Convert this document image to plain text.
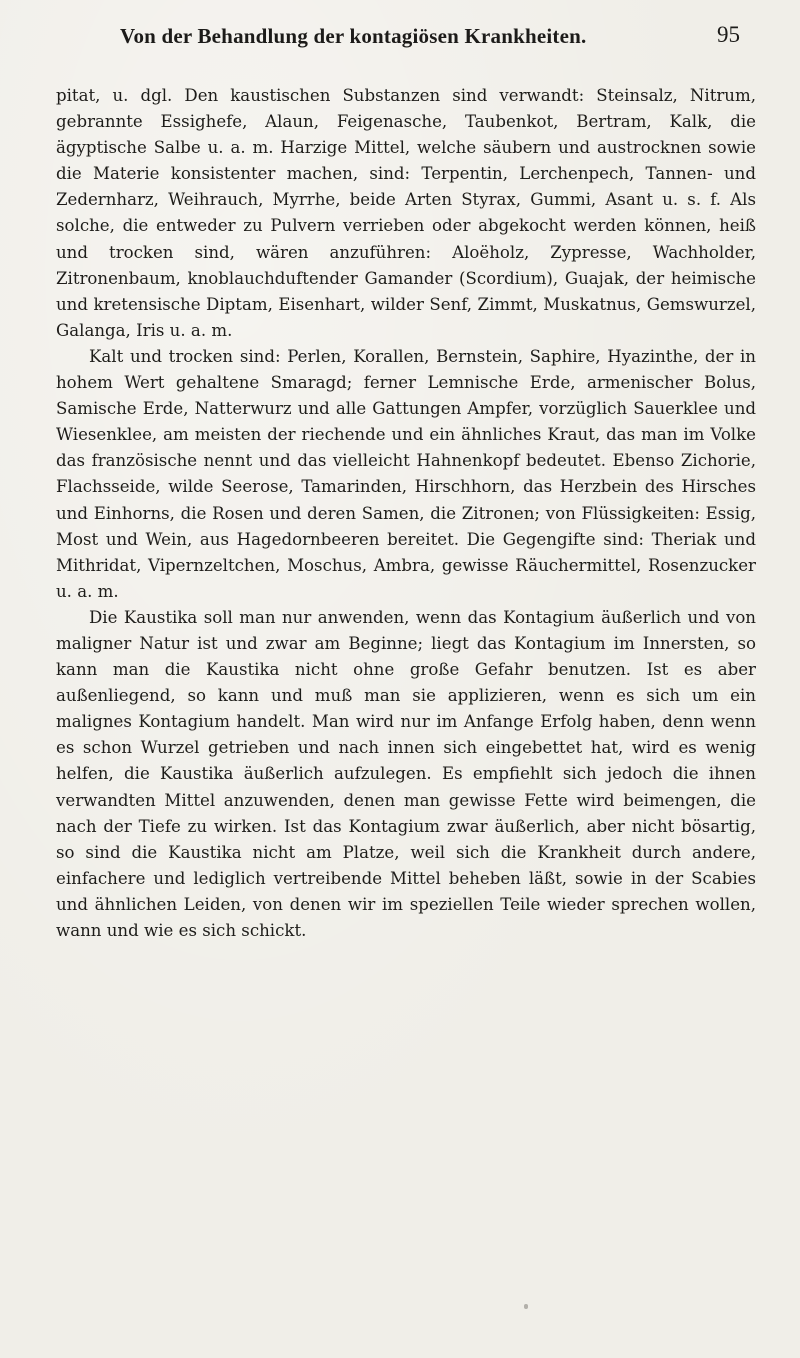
Von der Behandlung der kontagiösen Krankheiten.	95

pitat, u. dgl. Den kaustischen Substanzen sind verwandt: Steinsalz, Nitrum, gebrannte Essighefe, Alaun, Feigenasche, Taubenkot, Bertram, Kalk, die ägyptische Salbe u. a. m. Harzige Mittel, welche säubern und austrocknen sowie die Materie konsistenter machen, sind: Terpentin, Lerchenpech, Tannen- und Zedernharz, Weihrauch, Myrrhe, beide Arten Styrax, Gummi, Asant u. s. f. Als solche, die entweder zu Pulvern verrieben oder abgekocht werden können, heiß und trocken sind, wären anzuführen: Aloëholz, Zypresse, Wachholder, Zitronenbaum, knoblauchduftender Gamander (Scordium), Guajak, der heimische und kretensische Diptam, Eisenhart, wilder Senf, Zimmt, Muskatnus, Gemswurzel, Galanga, Iris u. a. m.

Kalt und trocken sind: Perlen, Korallen, Bernstein, Saphire, Hyazinthe, der in hohem Wert gehaltene Smaragd; ferner Lemnische Erde, armenischer Bolus, Samische Erde, Natterwurz und alle Gattungen Ampfer, vorzüglich Sauerklee und Wiesenklee, am meisten der riechende und ein ähnliches Kraut, das man im Volke das französische nennt und das vielleicht Hahnenkopf bedeutet. Ebenso Zichorie, Flachsseide, wilde Seerose, Tamarinden, Hirschhorn, das Herzbein des Hirsches und Einhorns, die Rosen und deren Samen, die Zitronen; von Flüssigkeiten: Essig, Most und Wein, aus Hagedornbeeren bereitet. Die Gegengifte sind: Theriak und Mithridat, Vipernzeltchen, Moschus, Ambra, gewisse Räuchermittel, Rosenzucker u. a. m.

Die Kaustika soll man nur anwenden, wenn das Kontagium äußerlich und von maligner Natur ist und zwar am Beginne; liegt das Kontagium im Innersten, so kann man die Kaustika nicht ohne große Gefahr benutzen. Ist es aber außenliegend, so kann und muß man sie applizieren, wenn es sich um ein malignes Kontagium handelt. Man wird nur im Anfange Erfolg haben, denn wenn es schon Wurzel getrieben und nach innen sich eingebettet hat, wird es wenig helfen, die Kaustika äußerlich aufzulegen. Es empfiehlt sich jedoch die ihnen verwandten Mittel anzuwenden, denen man gewisse Fette wird beimengen, die nach der Tiefe zu wirken. Ist das Kontagium zwar äußerlich, aber nicht bösartig, so sind die Kaustika nicht am Platze, weil sich die Krankheit durch andere, einfachere und lediglich vertreibende Mittel beheben läßt, sowie in der Scabies und ähnlichen Leiden, von denen wir im speziellen Teile wieder sprechen wollen, wann und wie es sich schickt.
